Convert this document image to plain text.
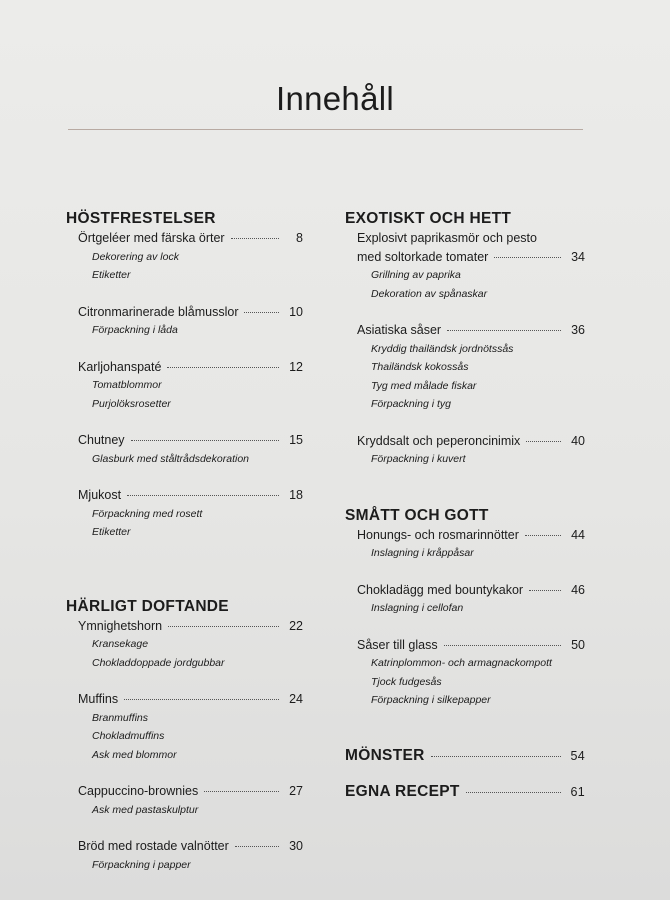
Innehåll
HÖSTFRESTELSER
Örtgeléer med färska örter	8
Dekorering av lock
Etiketter
Citronmarinerade blåmusslor	10
Förpackning i låda
Karljohanspaté	12
Tomatblommor
Purjolöksrosetter
Chutney	15
Glasburk med ståltrådsdekoration
Mjukost	18
Förpackning med rosett
Etiketter
HÄRLIGT DOFTANDE
Ymnighetshorn	22
Kransekage
Chokladdoppade jordgubbar
Muffins	24
Branmuffins
Chokladmuffins
Ask med blommor
Cappuccino-brownies	27
Ask med pastaskulptur
Bröd med rostade valnötter	30
Förpackning i papper
EXOTISKT OCH HETT
Explosivt paprikasmör och pesto
med soltorkade tomater	34
Grillning av paprika
Dekoration av spånaskar
Asiatiska såser	36
Kryddig thailändsk jordnötssås
Thailändsk kokossås
Tyg med målade fiskar
Förpackning i tyg
Kryddsalt och peperoncinimix	40
Förpackning i kuvert
SMÅTT OCH GOTT
Honungs- och rosmarinnötter	44
Inslagning i kråppåsar
Chokladägg med bountykakor	46
Inslagning i cellofan
Såser till glass	50
Katrinplommon- och armagnackompott
Tjock fudgesås
Förpackning i silkepapper
MÖNSTER	54
EGNA RECEPT	61
